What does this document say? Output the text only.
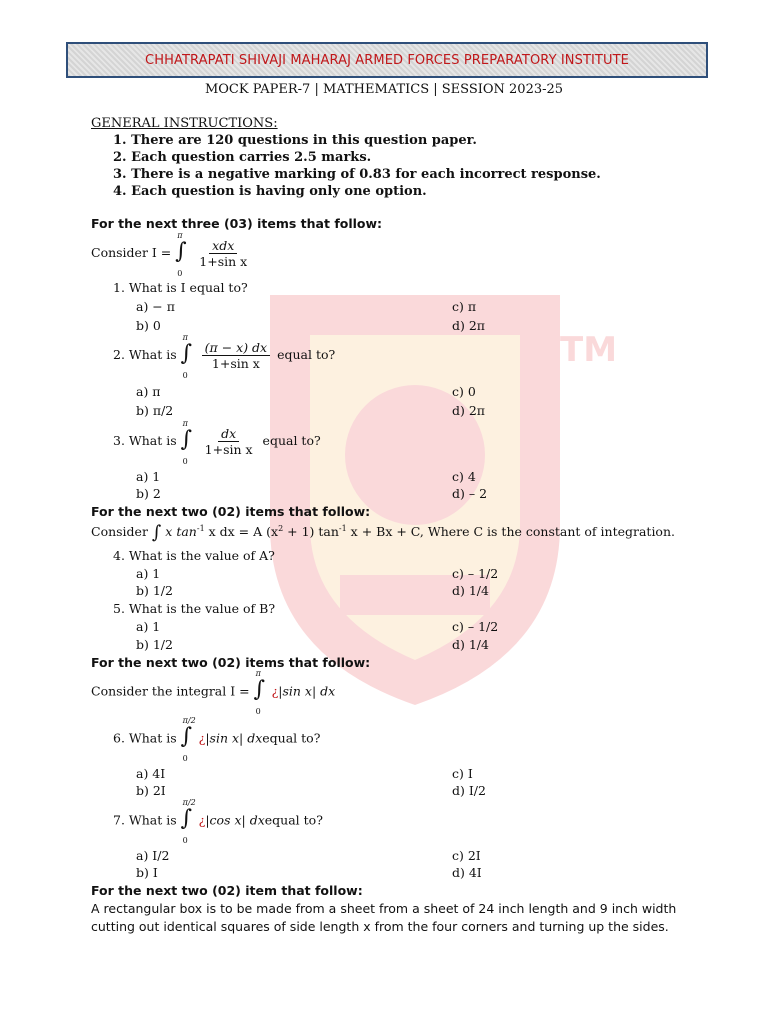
TM
CHHATRAPATI SHIVAJI MAHARAJ ARMED FORCES PREPARATORY INSTITUTE
MOCK PAPER-7 | MATHEMATICS | SESSION 2023-25
GENERAL INSTRUCTIONS:
1. There are 120 questions in this question paper.
2. Each question carries 2.5 marks.
3. There is a negative marking of 0.83 for each incorrect response.
4. Each question is having only one option.
For the next three (03) items that follow:
Consider I = ∫
π
0

$\frac{\text{xdx}}{\text{1+sin x}}$
1. What is I equal to?
a) − π
b) 0
c) π
d) 2π
2. What is ∫
π
0

$\frac{(\pi - x) dx}{\text{1+sin x}}$ equal to?
a) π
b) π/2
c) 0
d) 2π
3. What is ∫
π
0

$\frac{dx}{\text{1+sin x}}$ equal to?
a) 1
b) 2
c) 4
d) – 2
For the next two (02) items that follow:
Consider ∫ x $\tan^{-1} x$ dx = A $(x^2 + 1)$ $\tan^{-1} x + Bx + C$, Where C is the constant of integration.
4. What is the value of A?
a) 1
b) 1/2
c) – 1/2
d) 1/4
5. What is the value of B?
a) 1
b) 1/2
c) – 1/2
d) 1/4
For the next two (02) items that follow:
Consider the integral I = ∫
π
0
¿|sin x| dx
6. What is ∫
π/2
0
¿|sin x| dxequal to?
a) 4I
b) 2I
c) I
d) I/2
7. What is ∫
π/2
0
¿|cos x| dxequal to?
a) I/2
b) I
c) 2I
d) 4I
For the next two (02) item that follow:
A rectangular box is to be made from a sheet from a sheet of 24 inch length and 9 inch width cutting out identical squares of side length x from the four corners and turning up the sides.
